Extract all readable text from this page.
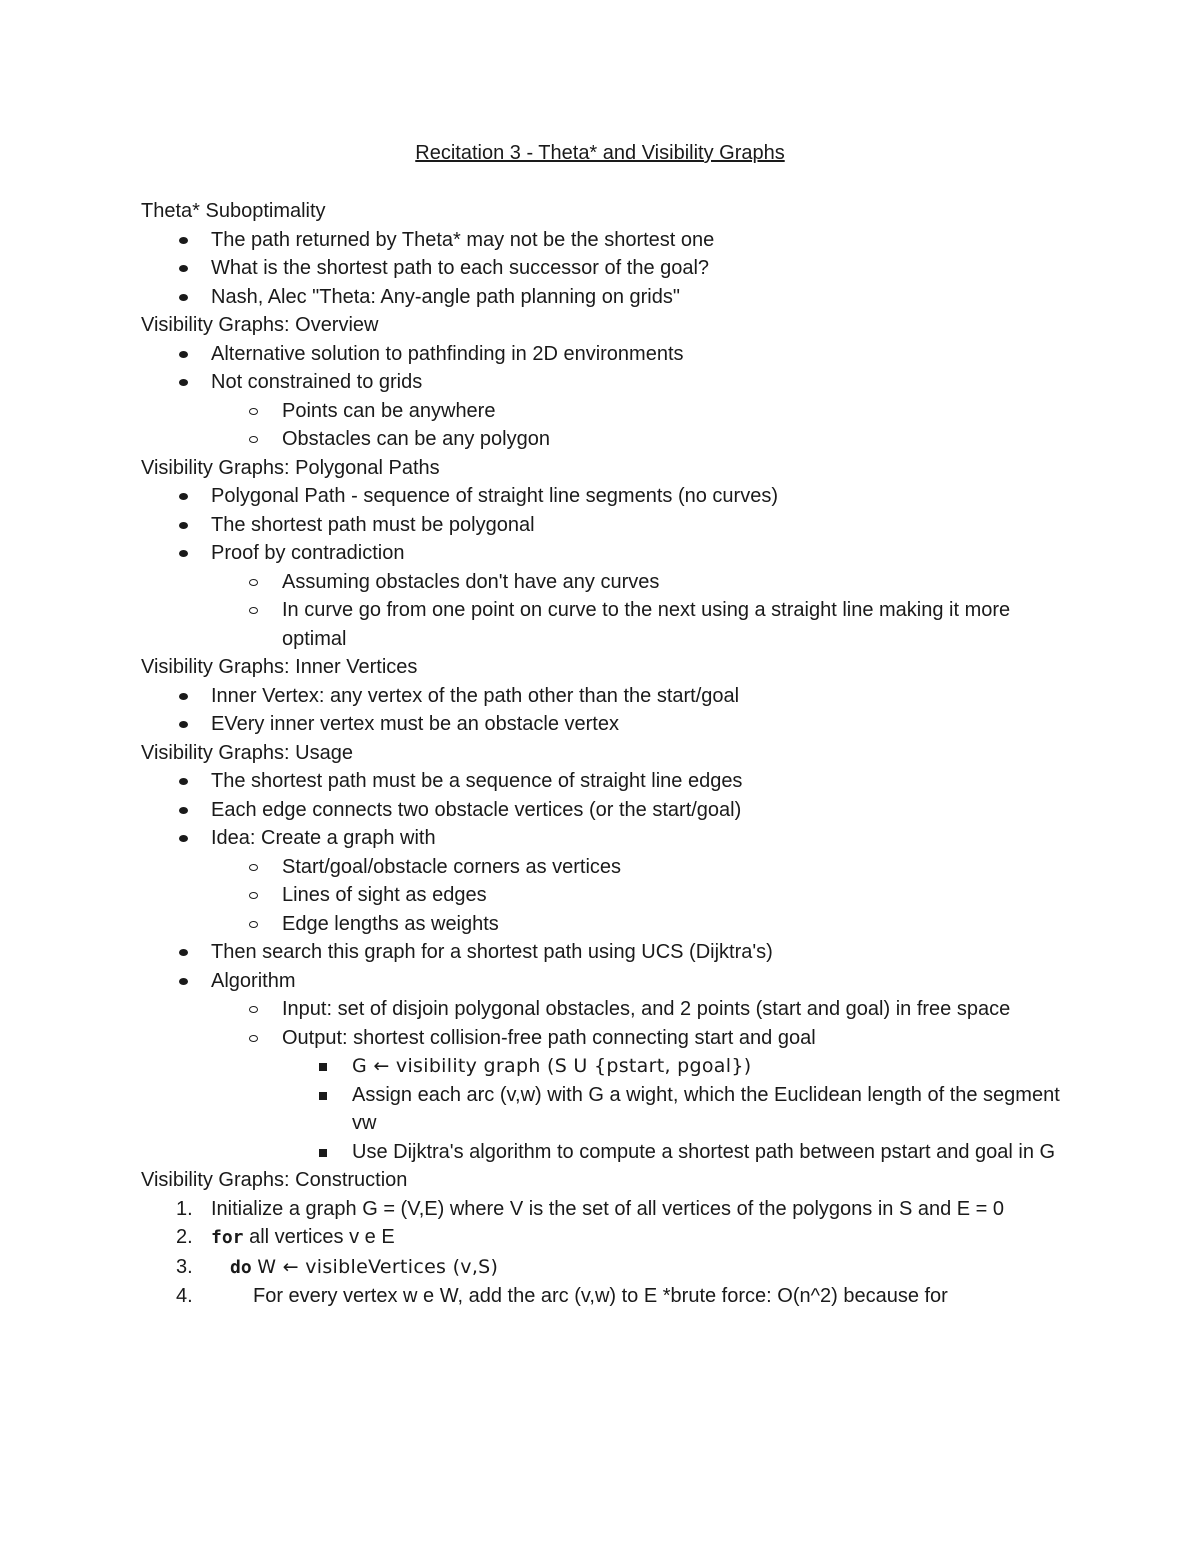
Recitation 3 - Theta* and Visibility Graphs
Theta* Suboptimality
The path returned by Theta* may not be the shortest one
What is the shortest path to each successor of the goal?
Nash, Alec "Theta: Any-angle path planning on grids"
Visibility Graphs: Overview
Alternative solution to pathfinding in 2D environments
Not constrained to grids
Points can be anywhere
Obstacles can be any polygon
Visibility Graphs: Polygonal Paths
Polygonal Path - sequence of straight line segments (no curves)
The shortest path must be polygonal
Proof by contradiction
Assuming obstacles don't have any curves
In curve go from one point on curve to the next using a straight line making it more optimal
Visibility Graphs: Inner Vertices
Inner Vertex: any vertex of the path other than the start/goal
EVery inner vertex must be an obstacle vertex
Visibility Graphs: Usage
The shortest path must be a sequence of straight line edges
Each edge connects two obstacle vertices (or the start/goal)
Idea: Create a graph with
Start/goal/obstacle corners as vertices
Lines of sight as edges
Edge lengths as weights
Then search this graph for a shortest path using UCS (Dijktra's)
Algorithm
Input: set of disjoin polygonal obstacles, and 2 points (start and goal) in free space
Output: shortest collision-free path connecting start and goal
G ← visibility graph (S U {pstart, pgoal})
Assign each arc (v,w) with G a wight, which the Euclidean length of the segment vw
Use Dijktra's algorithm to compute a shortest path between pstart and goal in G
Visibility Graphs: Construction
1. Initialize a graph G = (V,E) where V is the set of all vertices of the polygons in S and E = 0
2. for all vertices v e E
3. do W ← visibleVertices (v,S)
4.	For every vertex w e W, add the arc (v,w) to E *brute force: O(n^2) because for
